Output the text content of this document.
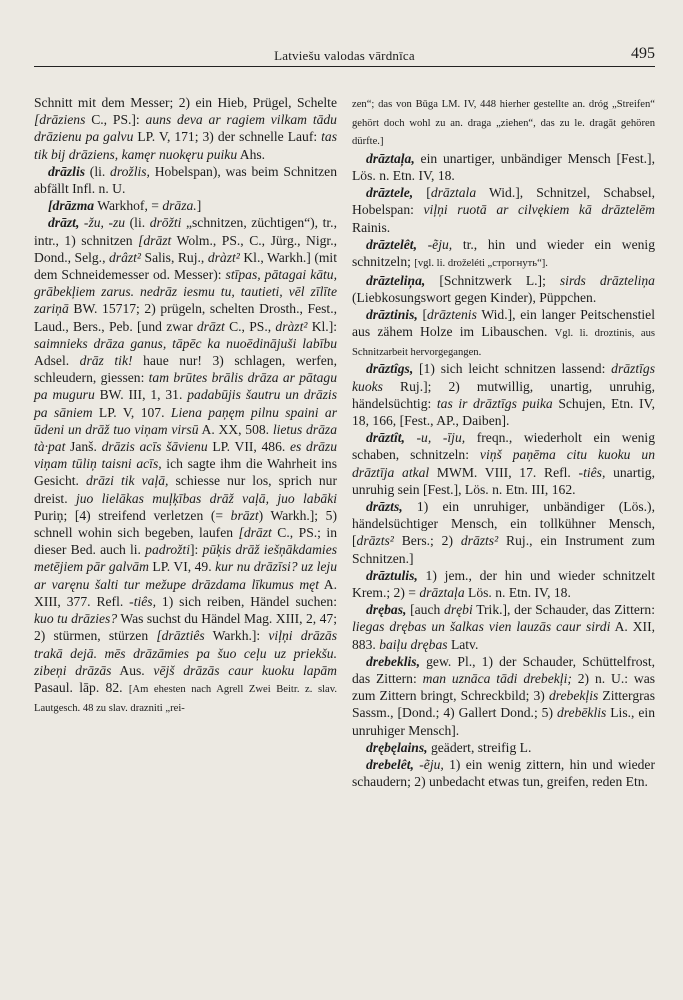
Latviešu valodas vārdnīca	495

Schnitt mit dem Messer; 2) ein Hieb, Prügel, Schelte [drāziens C., PS.]: auns deva ar ragiem vilkam tādu drāzienu pa galvu LP. V, 171; 3) der schnelle Lauf: tas tik bij drāziens, kamęr nuokęru puiku Ahs.

drāzlis (li. drožlis, Hobelspan), was beim Schnitzen abfällt Infl. n. U.

[drāzma Warkhof, = drāza.]

drāzt, -žu, -zu (li. drōžti „schnitzen, züchtigen“), tr., intr., 1) schnitzen [drāzt Wolm., PS., C., Jürg., Nigr., Dond., Selg., drâzt² Salis, Ruj., dràzt² Kl., Warkh.] (mit dem Schneidemesser od. Messer): stīpas, pātagai kātu, grābekļiem zarus. nedrāz iesmu tu, tautieti, vēl zīlīte zariņā BW. 15717; 2) prügeln, schelten Drosth., Fest., Laud., Bers., Peb. [und zwar drāzt C., PS., dràzt² Kl.]: saimnieks drāza ganus, tāpēc ka nuoēdinājuši labību Adsel. drāz tik! haue nur! 3) schlagen, werfen, schleudern, giessen: tam brūtes brālis drāza ar pātagu pa muguru BW. III, 1, 31. padabūjis šautru un drāzis pa sāniem LP. V, 107. Liena paņęm pilnu spaini ar ūdeni un drāž tuo viņam virsū A. XX, 508. lietus drāza tà·pat Janš. drāzis acīs šāvienu LP. VII, 486. es drāzu viņam tūliņ taisni acīs, ich sagte ihm die Wahrheit ins Gesicht. drāzi tik vaļā, schiesse nur los, sprich nur dreist. juo lielākas muļķības drāž vaļā, juo labāki Puriņ; [4) streifend verletzen (= brāzt) Warkh.]; 5) schnell wohin sich begeben, laufen [drāzt C., PS.; in dieser Bed. auch li. padrožti]: pūķis drāž iešņākdamies metējiem pār galvām LP. VI, 49. kur nu drāzīsi? uz leju ar varęnu šalti tur mežupe drāzdama līkumus męt A. XIII, 377. Refl. -tiês, 1) sich reiben, Händel suchen: kuo tu drāzies? Was suchst du Händel Mag. XIII, 2, 47; 2) stürmen, stürzen [drāztiês Warkh.]: viļņi drāzās trakā dejā. mēs drāzāmies pa šuo ceļu uz priekšu. zibeņi drāzās Aus. vējš drāzās caur kuoku lapām Pasaul. lāp. 82. [Am ehesten nach Agrell Zwei Beitr. z. slav. Lautgesch. 48 zu slav. drazniti „rei-

zen“; das von Būga LM. IV, 448 hierher gestellte an. dróg „Streifen“ gehört doch wohl zu an. draga „ziehen“, das zu le. dragāt gehören dürfte.]

drāztaļa, ein unartiger, unbändiger Mensch [Fest.], Lös. n. Etn. IV, 18.

drāztele, [drāztala Wid.], Schnitzel, Schabsel, Hobelspan: viļņi ruotā ar cilvękiem kā drāztelēm Rainis.

drāztelêt, -ẽju, tr., hin und wieder ein wenig schnitzeln; [vgl. li. droželéti „строгнуть“].

drāzteliņa, [Schnitzwerk L.]; sirds drāzteliņa (Liebkosungswort gegen Kinder), Püppchen.

drāztinis, [drāztenis Wid.], ein langer Peitschenstiel aus zähem Holze im Libauschen. Vgl. li. droztinis, aus Schnitzarbeit hervorgegangen.

drāztîgs, [1) sich leicht schnitzen lassend: drāztīgs kuoks Ruj.]; 2) mutwillig, unartig, unruhig, händelsüchtig: tas ir drāztīgs puika Schujen, Etn. IV, 18, 166, [Fest., AP., Daiben].

drāztît, -u, -īju, freqn., wiederholt ein wenig schaben, schnitzeln: viņš paņēma citu kuoku un drāztīja atkal MWM. VIII, 17. Refl. -tiês, unartig, unruhig sein [Fest.], Lös. n. Etn. III, 162.

drāzts, 1) ein unruhiger, unbändiger (Lös.), händelsüchtiger Mensch, ein tollkühner Mensch, [drāzts² Bers.; 2) drāzts² Ruj., ein Instrument zum Schnitzen.]

drāztulis, 1) jem., der hin und wieder schnitzelt Krem.; 2) = drāztaļa Lös. n. Etn. IV, 18.

drębas, [auch drębi Trik.], der Schauder, das Zittern: liegas drębas un šalkas vien lauzās caur sirdi A. XII, 883. baiļu drębas Latv.

drebeklis, gew. Pl., 1) der Schauder, Schüttelfrost, das Zittern: man uznāca tādi drebekļi; 2) n. U.: was zum Zittern bringt, Schreckbild; 3) drebekļis Zittergras Sassm., [Dond.; 4) Gallert Dond.; 5) drebēklis Lis., ein unruhiger Mensch].

drębęlains, geädert, streifig L.

drebelêt, -ẽju, 1) ein wenig zittern, hin und wieder schaudern; 2) unbedacht etwas tun, greifen, reden Etn.
